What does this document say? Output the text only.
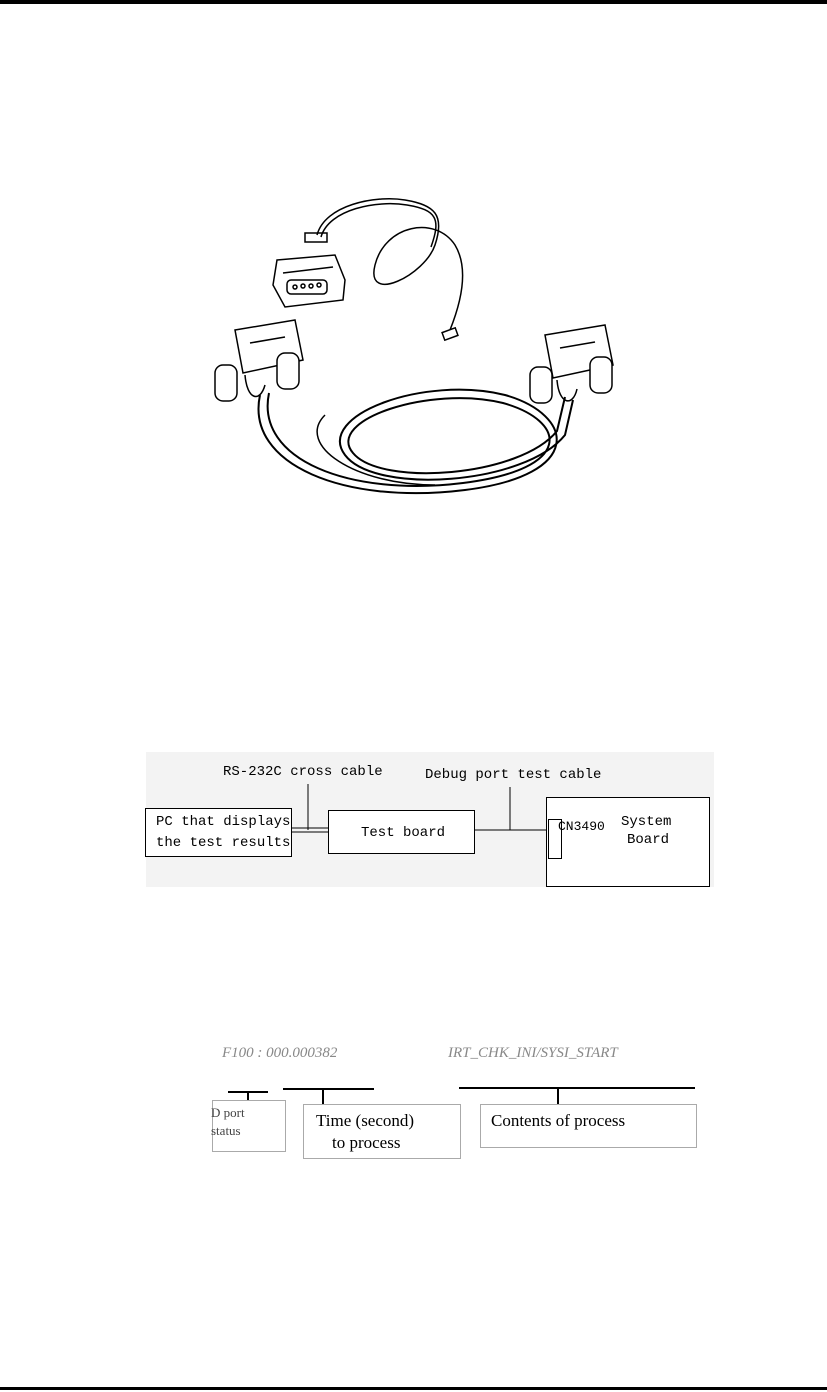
RS-232C cross cable	Debug port test cable
PC that displays
the test results
Test board
System
Board
CN3490
F100 : 000.000382	IRT_CHK_INI/SYSI_START
D port
status
Time (second)
to process
Contents of process
